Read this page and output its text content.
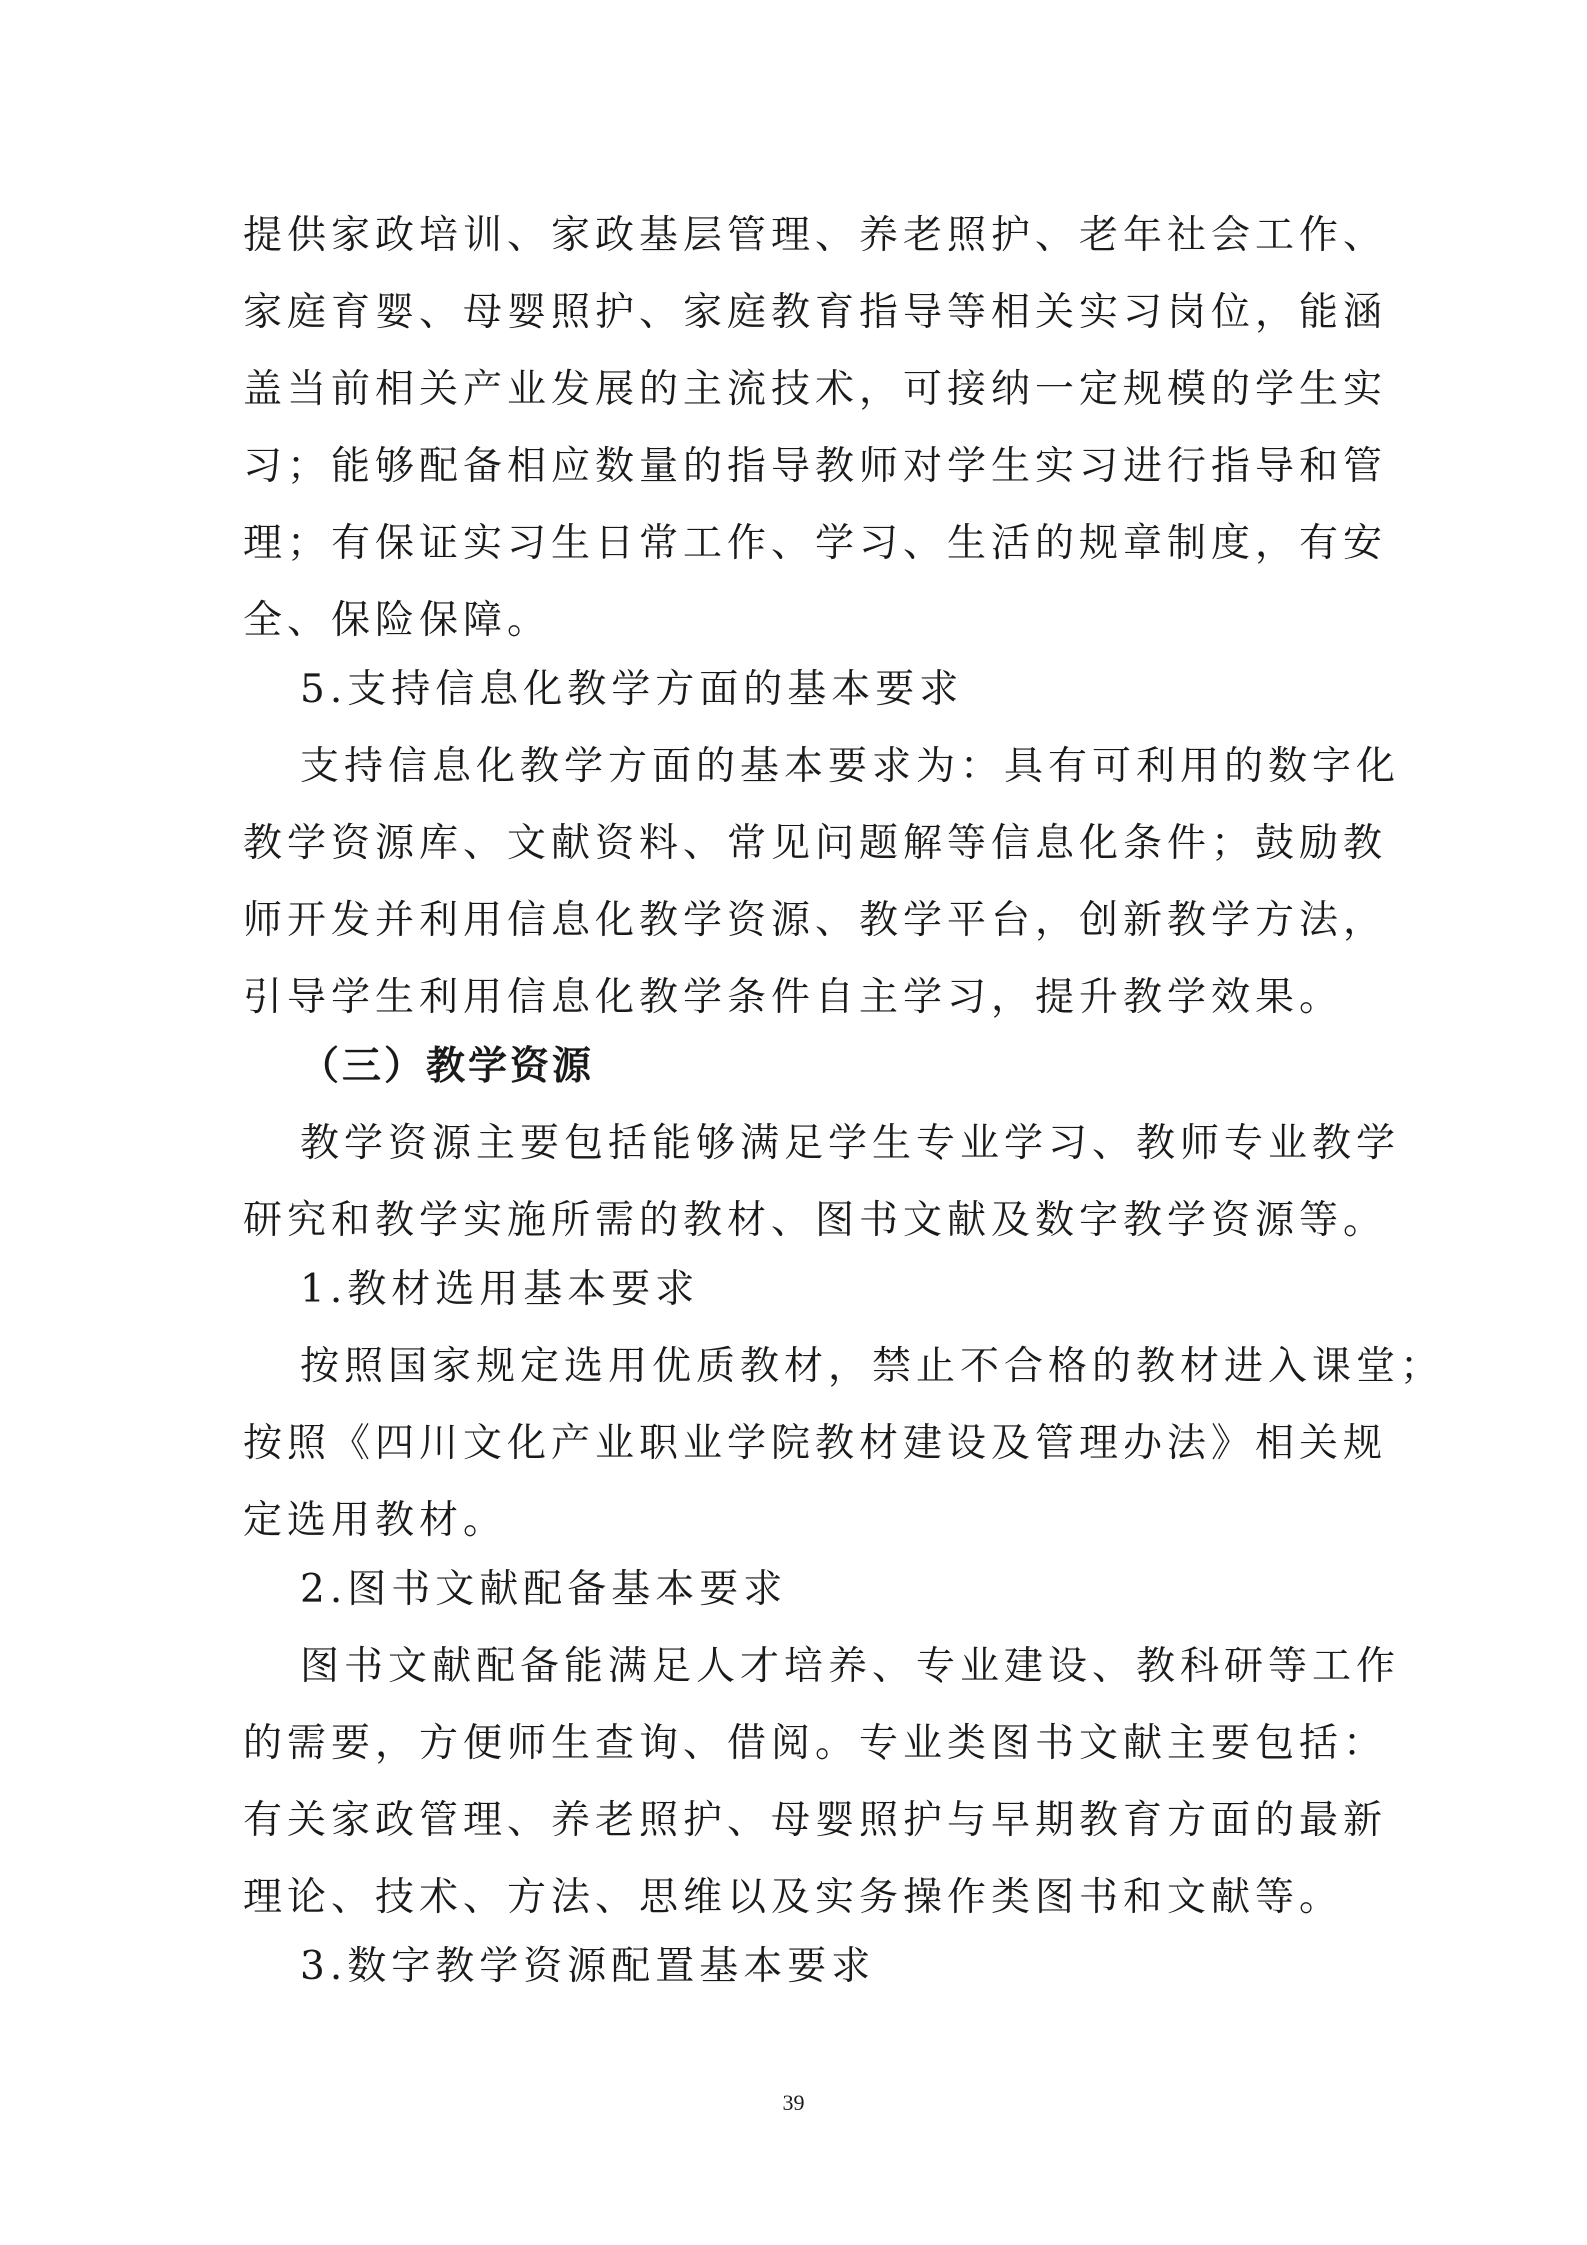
提供家政培训、家政基层管理、养老照护、老年社会工作、
家庭育婴、母婴照护、家庭教育指导等相关实习岗位，能涵
盖当前相关产业发展的主流技术，可接纳一定规模的学生实
习；能够配备相应数量的指导教师对学生实习进行指导和管
理；有保证实习生日常工作、学习、生活的规章制度，有安
全、保险保障。
5.支持信息化教学方面的基本要求
支持信息化教学方面的基本要求为：具有可利用的数字化
教学资源库、文献资料、常见问题解等信息化条件；鼓励教
师开发并利用信息化教学资源、教学平台，创新教学方法，
引导学生利用信息化教学条件自主学习，提升教学效果。
（三）教学资源
教学资源主要包括能够满足学生专业学习、教师专业教学
研究和教学实施所需的教材、图书文献及数字教学资源等。
1.教材选用基本要求
按照国家规定选用优质教材，禁止不合格的教材进入课堂；
按照《四川文化产业职业学院教材建设及管理办法》相关规
定选用教材。
2.图书文献配备基本要求
图书文献配备能满足人才培养、专业建设、教科研等工作
的需要，方便师生查询、借阅。专业类图书文献主要包括：
有关家政管理、养老照护、母婴照护与早期教育方面的最新
理论、技术、方法、思维以及实务操作类图书和文献等。
3.数字教学资源配置基本要求
39
